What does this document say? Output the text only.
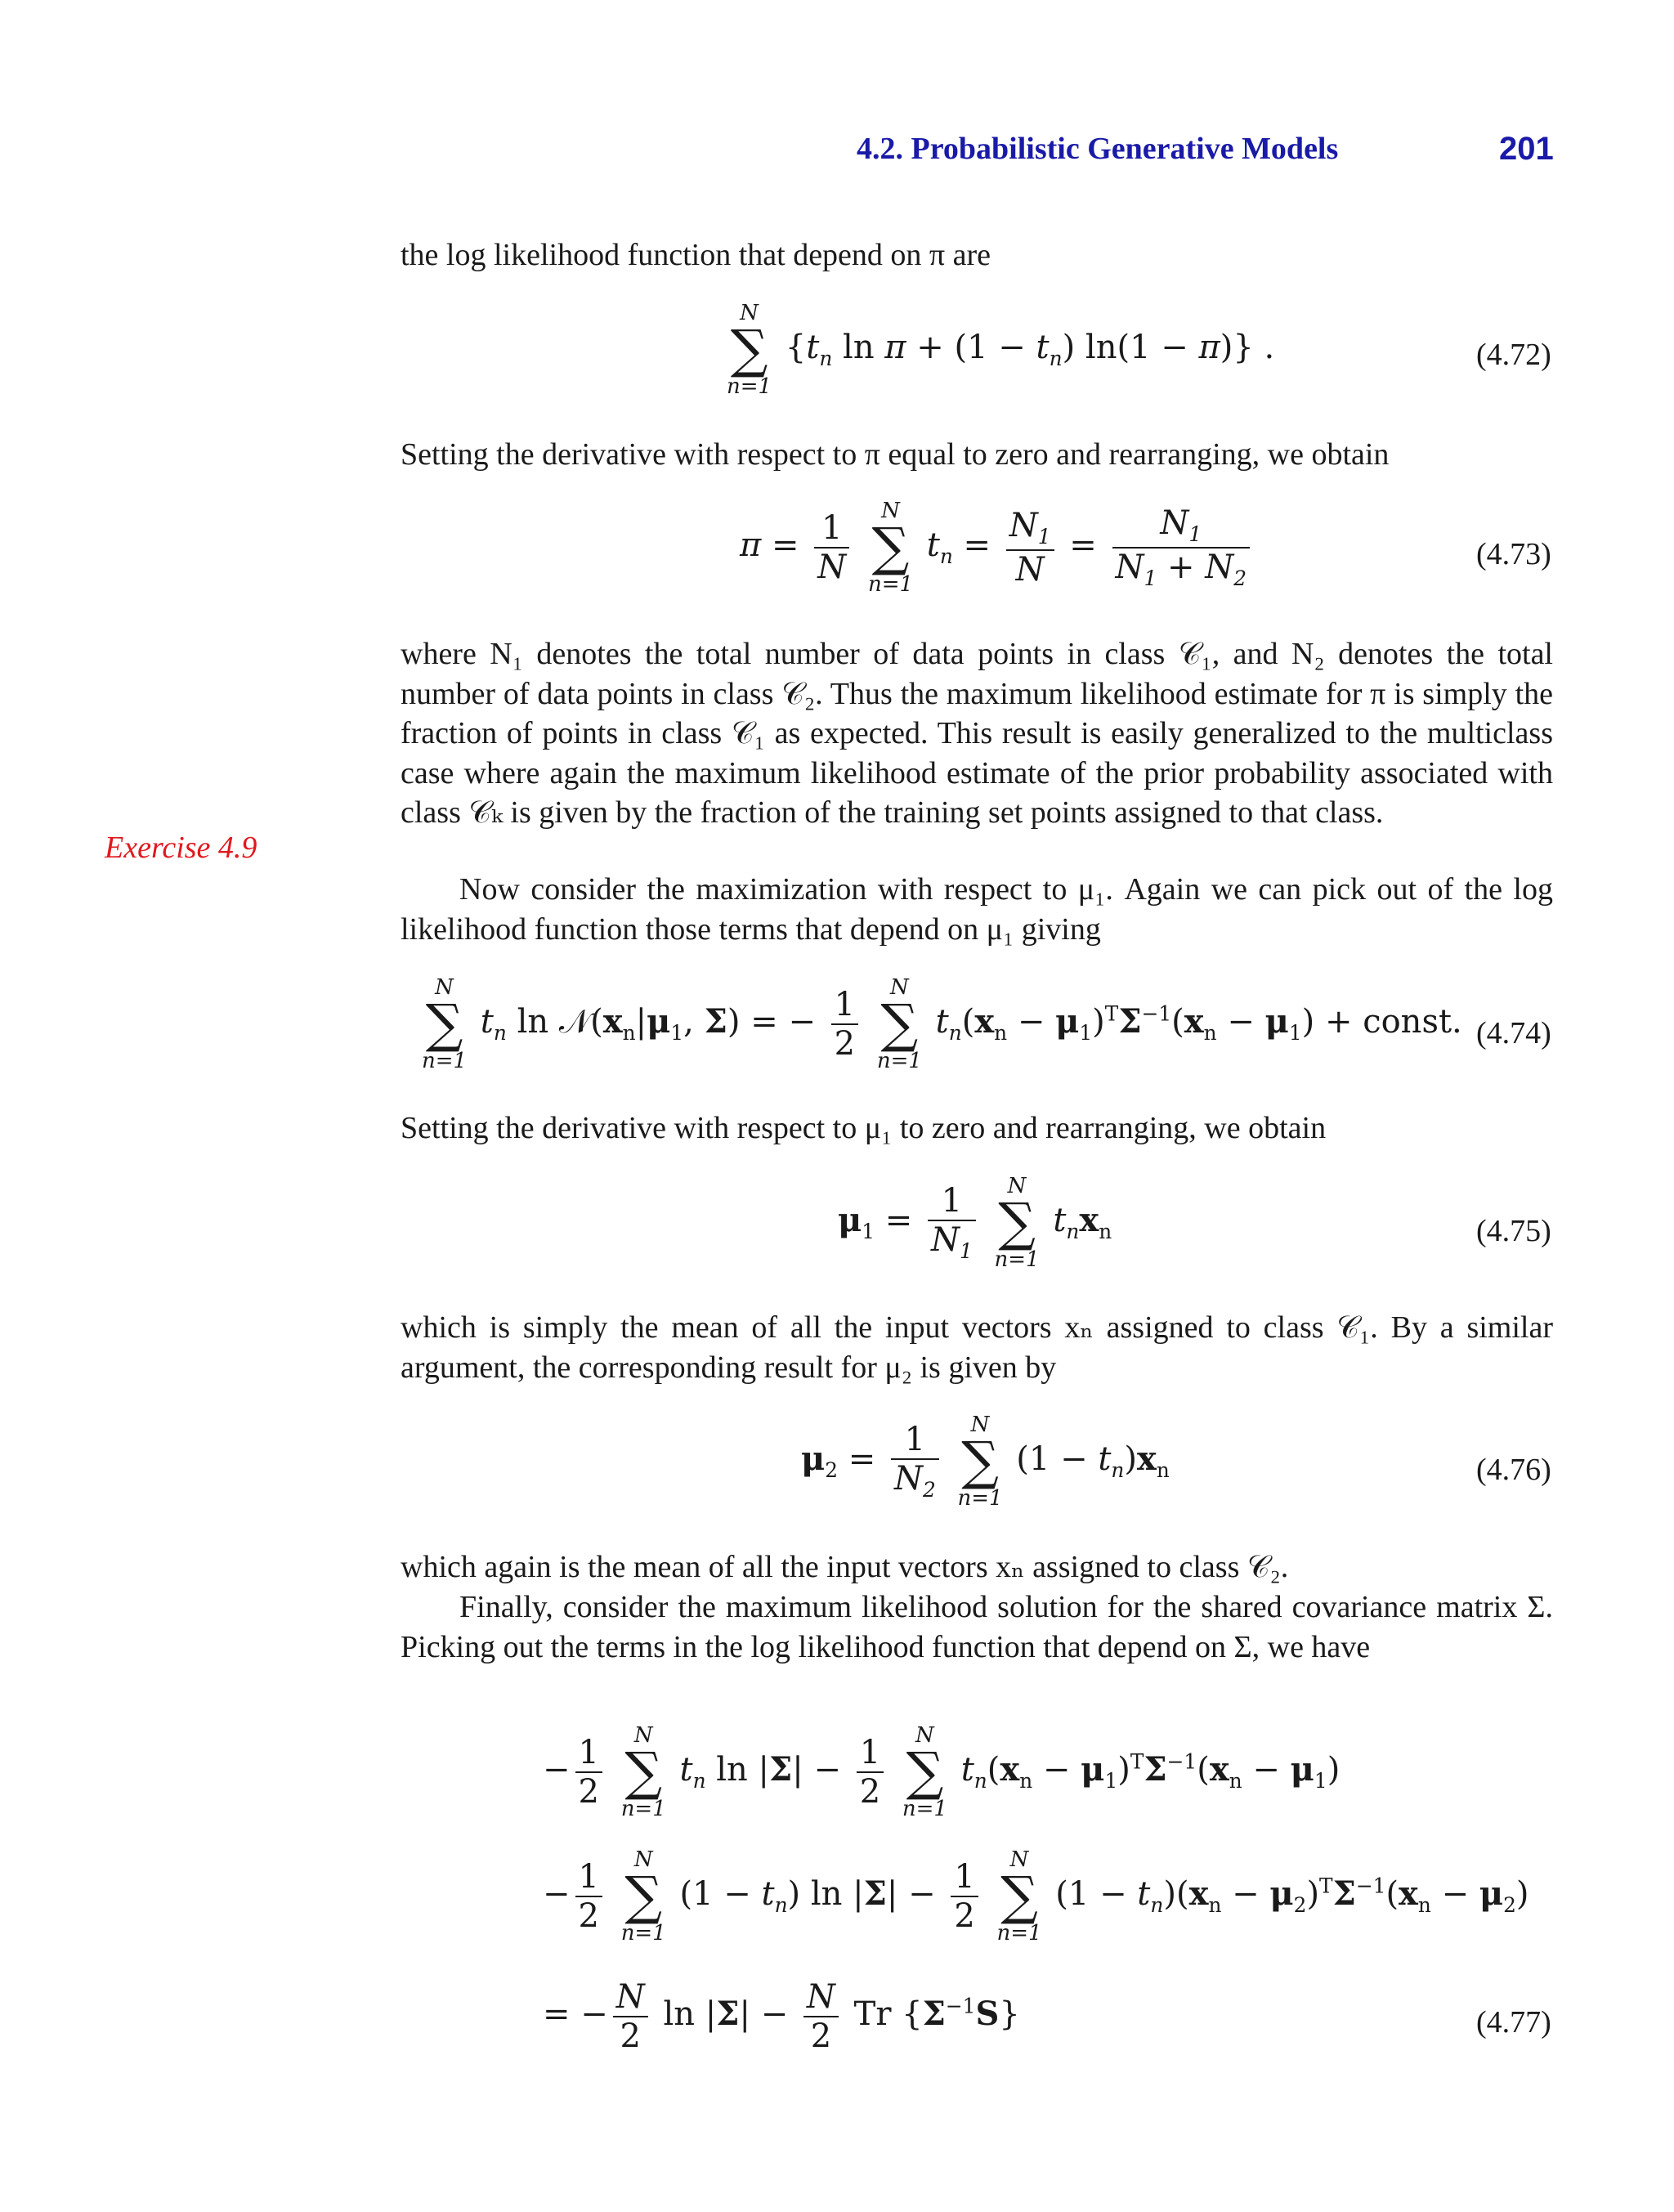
4.2. Probabilistic Generative Models	201
Exercise 4.9

the log likelihood function that depend on π are

N
∑
n=1
{$t_n$ $\ln \pi + (1 - t_n)$ ln(1 − π)} .	(4.72)

Setting the derivative with respect to π equal to zero and rearranging, we obtain

$\pi = \frac{1}{N}$
	N
∑
n=1
$t_n = \frac{N_1}{N} = \frac{N_1}{N_1 + N_2}$	(4.73)

where N₁ denotes the total number of data points in class 𝒞₁, and N₂ denotes the total number of data points in class 𝒞₂. Thus the maximum likelihood estimate for π is simply the fraction of points in class 𝒞₁ as expected. This result is easily generalized to the multiclass case where again the maximum likelihood estimate of the prior probability associated with class 𝒞ₖ is given by the fraction of the training set points assigned to that class.

Now consider the maximization with respect to μ₁. Again we can pick out of the log likelihood function those terms that depend on μ₁ giving

N
∑
n=1
$t_n$ $\ln 𝒩(x_n|\mu_1$, Σ) = − $\frac{1}{2}$
	N
∑
n=1
$t_n(x_n - \mu_1)^T\Sigma^{-1}(x_n - \mu_1)$ + const. (4.74)

Setting the derivative with respect to μ₁ to zero and rearranging, we obtain

$\mu_1 = \frac{1}{N_1}$
	N
∑
n=1
$t_nx_n$	(4.75)

which is simply the mean of all the input vectors xₙ assigned to class 𝒞₁. By a similar argument, the corresponding result for μ₂ is given by

$\mu_2 = \frac{1}{N_2}$
	N
∑
n=1
$(1 - t_n)x_n$	(4.76)

which again is the mean of all the input vectors xₙ assigned to class 𝒞₂.

Finally, consider the maximum likelihood solution for the shared covariance matrix Σ. Picking out the terms in the log likelihood function that depend on Σ, we have

− $\frac{1}{2}$
	N
∑
n=1
$t_n$ $\ln |\Sigma| - \frac{1}{2}$
	N
∑
n=1
$t_n(x_n - \mu_1)^T\Sigma^{-1}(x_n - \mu_1)$
− $\frac{1}{2}$
	N
∑
n=1
$(1 - t_n)$ $\ln |\Sigma| - \frac{1}{2}$
	N
∑
n=1
$(1 - t_n)(x_n - \mu_2)^T\Sigma^{-1}(x_n - \mu_2)$
= − $\frac{N}{2}$ $\ln |\Sigma| - \frac{N}{2}$ Tr $\{\Sigma^{-1}S\}$	(4.77)
